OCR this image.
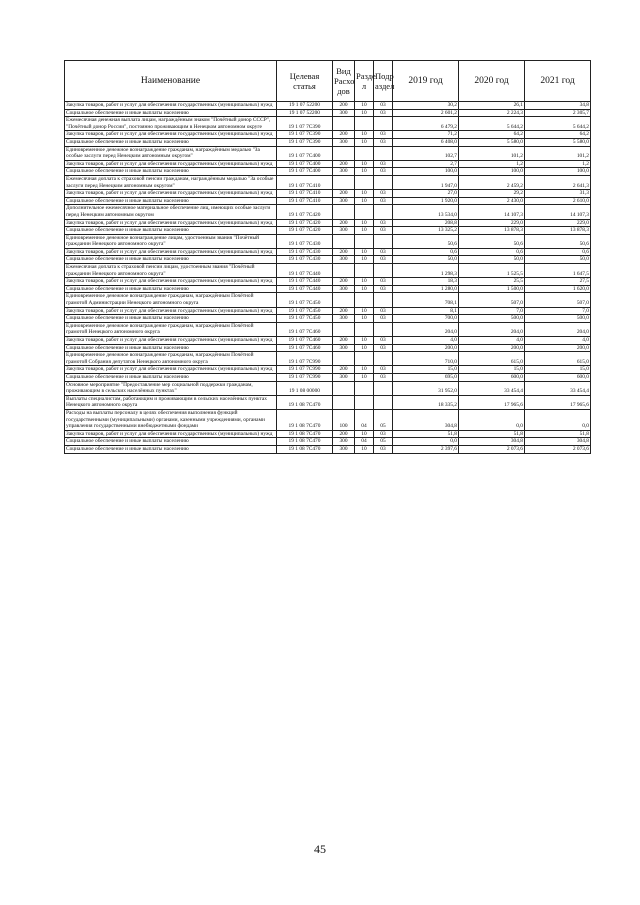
Наименование	Целевая статья	Вид Расхо дов	Разде л	Подр аздел	2019 год	2020 год	2021 год
Закупка товаров, работ и услуг для обеспечения государственных (муниципальных) нужд	19 1 07 52200	200	10	03	30,2	26,1	34,8
Социальное обеспечение и иные выплаты населению	19 1 07 52200	300	10	03	2 601,2	2 224,3	2 305,7
Ежемесячная денежная выплата лицам, награждённым знаком "Почётный донор СССР", "Почётный донор России", постоянно проживающим в Ненецком автономном округе	19 1 07 7С390				6 479,2	5 644,2	5 644,2
Закупка товаров, работ и услуг для обеспечения государственных (муниципальных) нужд	19 1 07 7С390	200	10	03	71,2	64,2	64,2
Социальное обеспечение и иные выплаты населению	19 1 07 7С390	300	10	03	6 408,0	5 580,0	5 580,0
Единовременное денежное вознаграждение гражданам, награждённым медалью "За особые заслуги перед Ненецким автономным округом"	19 1 07 7С400				102,7	101,2	101,2
Закупка товаров, работ и услуг для обеспечения государственных (муниципальных) нужд	19 1 07 7С400	200	10	03	2,7	1,2	1,2
Социальное обеспечение и иные выплаты населению	19 1 07 7С400	300	10	03	100,0	100,0	100,0
Ежемесячная доплата к страховой пенсии гражданам, награждённым медалью "За особые заслуги перед Ненецким автономным округом"	19 1 07 7С410				1 947,0	2 459,2	2 641,3
Закупка товаров, работ и услуг для обеспечения государственных (муниципальных) нужд	19 1 07 7С410	200	10	03	27,0	29,2	31,3
Социальное обеспечение и иные выплаты населению	19 1 07 7С410	300	10	03	1 920,0	2 430,0	2 610,0
Дополнительное ежемесячное материальное обеспечение лиц, имеющих особые заслуги перед Ненецким автономным округом	19 1 07 7С420				13 534,0	14 107,3	14 107,3
Закупка товаров, работ и услуг для обеспечения государственных (муниципальных) нужд	19 1 07 7С420	200	10	03	208,8	229,0	229,0
Социальное обеспечение и иные выплаты населению	19 1 07 7С420	300	10	03	13 325,2	13 878,3	13 878,3
Единовременное денежное вознаграждение лицам, удостоенным звания "Почётный гражданин Ненецкого автономного округа"	19 1 07 7С430				50,6	50,6	50,6
Закупка товаров, работ и услуг для обеспечения государственных (муниципальных) нужд	19 1 07 7С430	200	10	03	0,6	0,6	0,6
Социальное обеспечение и иные выплаты населению	19 1 07 7С430	300	10	03	50,0	50,0	50,0
Ежемесячная доплата к страховой пенсии лицам, удостоенным звания "Почётный гражданин Ненецкого автономного округа"	19 1 07 7С440				1 298,3	1 525,5	1 647,5
Закупка товаров, работ и услуг для обеспечения государственных (муниципальных) нужд	19 1 07 7С440	200	10	03	18,3	25,5	27,5
Социальное обеспечение и иные выплаты населению	19 1 07 7С440	300	10	03	1 280,0	1 500,0	1 620,0
Единовременное денежное вознаграждение гражданам, награждённым Почётной грамотой Администрации Ненецкого автономного округа	19 1 07 7С450				708,1	507,0	507,0
Закупка товаров, работ и услуг для обеспечения государственных (муниципальных) нужд	19 1 07 7С450	200	10	03	8,1	7,0	7,0
Социальное обеспечение и иные выплаты населению	19 1 07 7С450	300	10	03	700,0	500,0	500,0
Единовременное денежное вознаграждение гражданам, награждённым Почётной грамотой Ненецкого автономного округа	19 1 07 7С460				204,0	204,0	204,0
Закупка товаров, работ и услуг для обеспечения государственных (муниципальных) нужд	19 1 07 7С460	200	10	03	4,0	4,0	4,0
Социальное обеспечение и иные выплаты населению	19 1 07 7С460	300	10	03	200,0	200,0	200,0
Единовременное денежное вознаграждение гражданам, награждённым Почётной грамотой Собрания депутатов Ненецкого автономного округа	19 1 07 7С990				710,0	615,0	615,0
Закупка товаров, работ и услуг для обеспечения государственных (муниципальных) нужд	19 1 07 7С990	200	10	03	15,0	15,0	15,0
Социальное обеспечение и иные выплаты населению	19 1 07 7С990	300	10	03	695,0	600,0	600,0
Основное мероприятие "Предоставление мер социальной поддержки гражданам, проживающим в сельских населённых пунктах"	19 1 08 00000				31 952,0	33 454,4	33 454,4
Выплаты специалистам, работающим и проживающим в сельских населённых пунктах Ненецкого автономного округа	19 1 08 7С470				18 335,2	17 965,6	17 965,6
Расходы на выплаты персоналу в целях обеспечения выполнения функций государственными (муниципальными) органами, казенными учреждениями, органами управления государственными внебюджетными фондами	19 1 08 7С470	100	04	05	304,8	0,0	0,0
Закупка товаров, работ и услуг для обеспечения государственных (муниципальных) нужд	19 1 08 7С470	200	10	03	51,8	51,8	51,8
Социальное обеспечение и иные выплаты населению	19 1 08 7С470	300	04	05	0,0	304,8	304,8
Социальное обеспечение и иные выплаты населению	19 1 08 7С470	300	10	03	2 397,6	2 073,6	2 073,6
45
